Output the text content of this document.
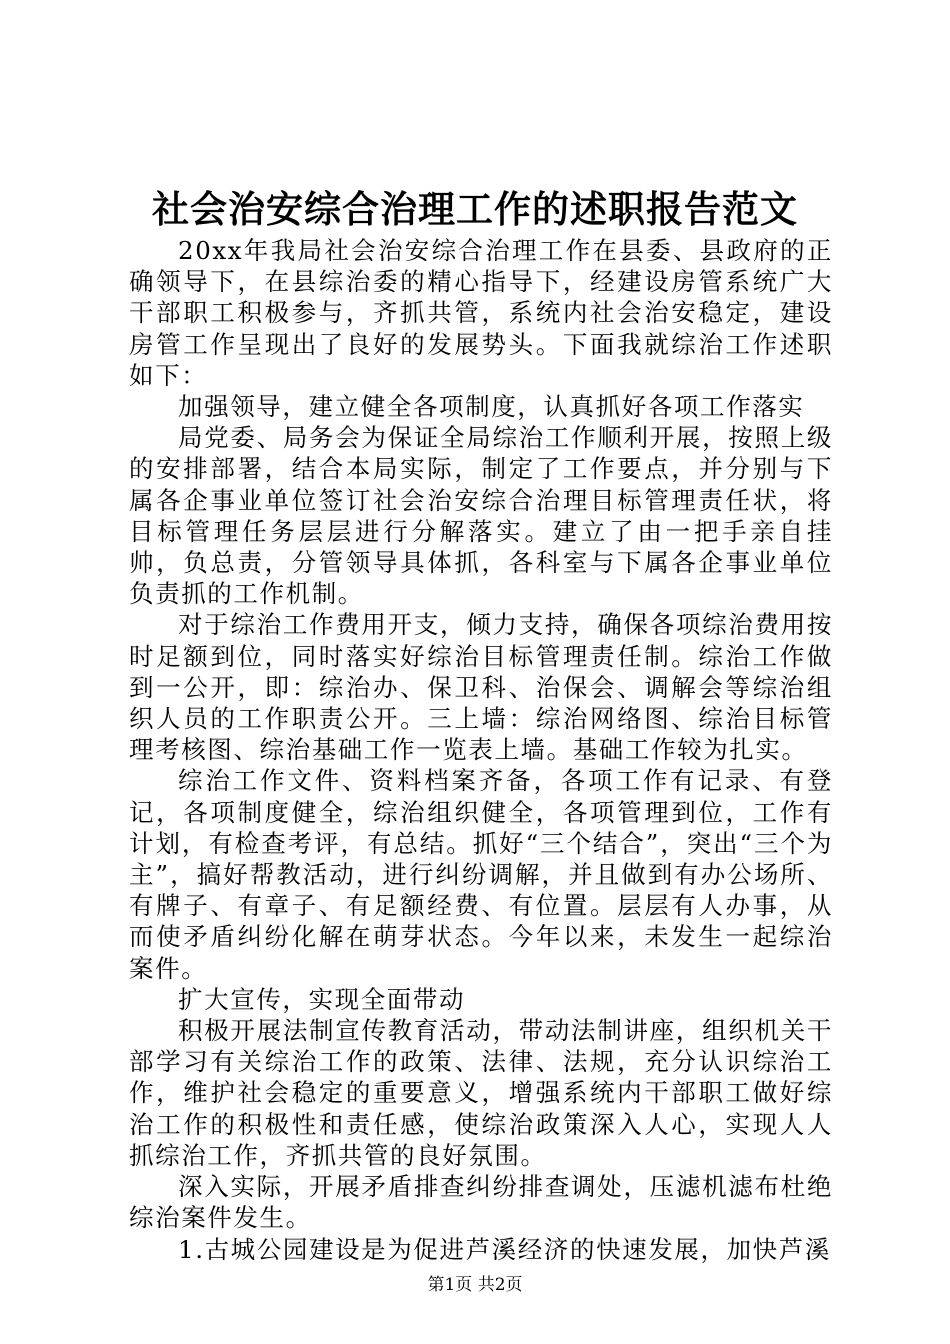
社会治安综合治理工作的述职报告范文

20xx年我局社会治安综合治理工作在县委、县政府的正确领导下，在县综治委的精心指导下，经建设房管系统广大干部职工积极参与，齐抓共管，系统内社会治安稳定，建设房管工作呈现出了良好的发展势头。下面我就综治工作述职如下：

加强领导，建立健全各项制度，认真抓好各项工作落实

局党委、局务会为保证全局综治工作顺利开展，按照上级的安排部署，结合本局实际，制定了工作要点，并分别与下属各企事业单位签订社会治安综合治理目标管理责任状，将目标管理任务层层进行分解落实。建立了由一把手亲自挂帅，负总责，分管领导具体抓，各科室与下属各企事业单位负责抓的工作机制。

对于综治工作费用开支，倾力支持，确保各项综治费用按时足额到位，同时落实好综治目标管理责任制。综治工作做到一公开，即：综治办、保卫科、治保会、调解会等综治组织人员的工作职责公开。三上墙：综治网络图、综治目标管理考核图、综治基础工作一览表上墙。基础工作较为扎实。

综治工作文件、资料档案齐备，各项工作有记录、有登记，各项制度健全，综治组织健全，各项管理到位，工作有计划，有检查考评，有总结。抓好“三个结合”，突出“三个为主”，搞好帮教活动，进行纠纷调解，并且做到有办公场所、有牌子、有章子、有足额经费、有位置。层层有人办事，从而使矛盾纠纷化解在萌芽状态。今年以来，未发生一起综治案件。

扩大宣传，实现全面带动

积极开展法制宣传教育活动，带动法制讲座，组织机关干部学习有关综治工作的政策、法律、法规，充分认识综治工作，维护社会稳定的重要意义，增强系统内干部职工做好综治工作的积极性和责任感，使综治政策深入人心，实现人人抓综治工作，齐抓共管的良好氛围。

深入实际，开展矛盾排查纠纷排查调处，压滤机滤布杜绝综治案件发生。

1.古城公园建设是为促进芦溪经济的快速发展，加快芦溪

第1页 共2页
